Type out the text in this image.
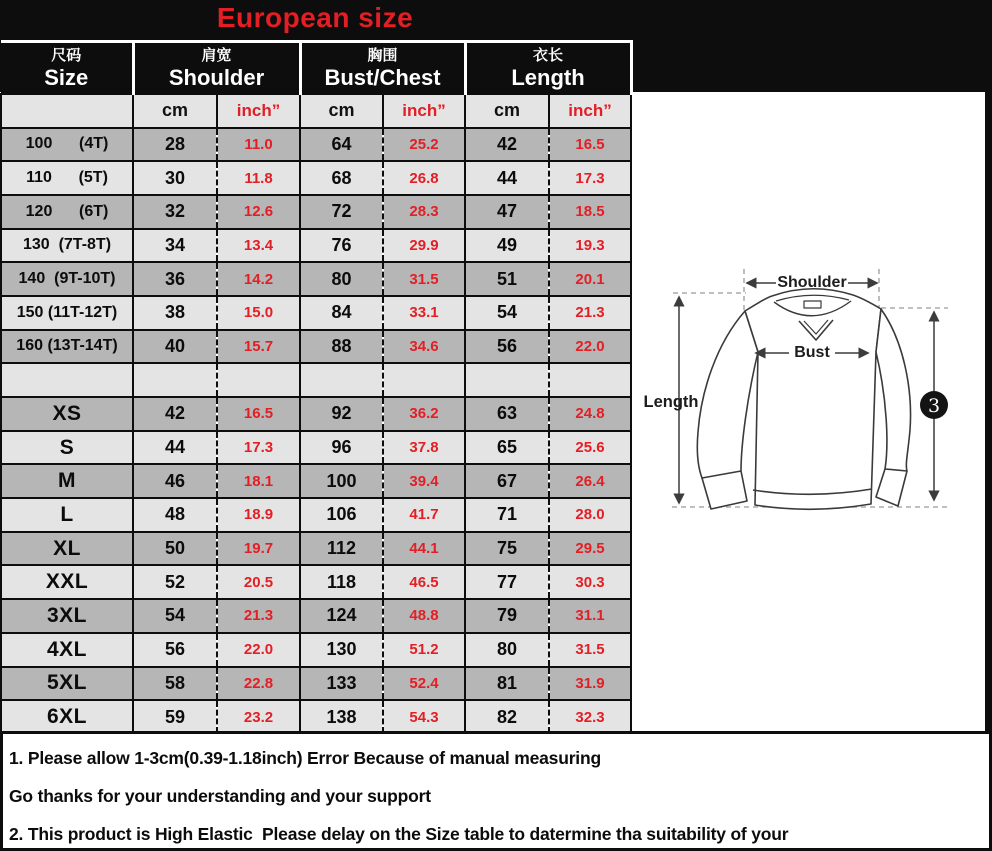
European size
尺码
Size

肩宽
Shoulder

胸围
Bust/Chest

衣长
Length

	cm	inch”	cm	inch”	cm	inch”
100      (4T)	28	11.0	64	25.2	42	16.5
110      (5T)	30	11.8	68	26.8	44	17.3
120      (6T)	32	12.6	72	28.3	47	18.5
130  (7T-8T)	34	13.4	76	29.9	49	19.3
140  (9T-10T)	36	14.2	80	31.5	51	20.1
150 (11T-12T)	38	15.0	84	33.1	54	21.3
160 (13T-14T)	40	15.7	88	34.6	56	22.0

XS	42	16.5	92	36.2	63	24.8
S	44	17.3	96	37.8	65	25.6
M	46	18.1	100	39.4	67	26.4
L	48	18.9	106	41.7	71	28.0
XL	50	19.7	112	44.1	75	29.5
XXL	52	20.5	118	46.5	77	30.3
3XL	54	21.3	124	48.8	79	31.1
4XL	56	22.0	130	51.2	80	31.5
5XL	58	22.8	133	52.4	81	31.9
6XL	59	23.2	138	54.3	82	32.3
Shoulder
Bust
Length	3
1. Please allow 1-3cm(0.39-1.18inch) Error Because of manual measuring
Go thanks for your understanding and your support
2. This product is High Elastic  Please delay on the Size table to datermine tha suitability of your
